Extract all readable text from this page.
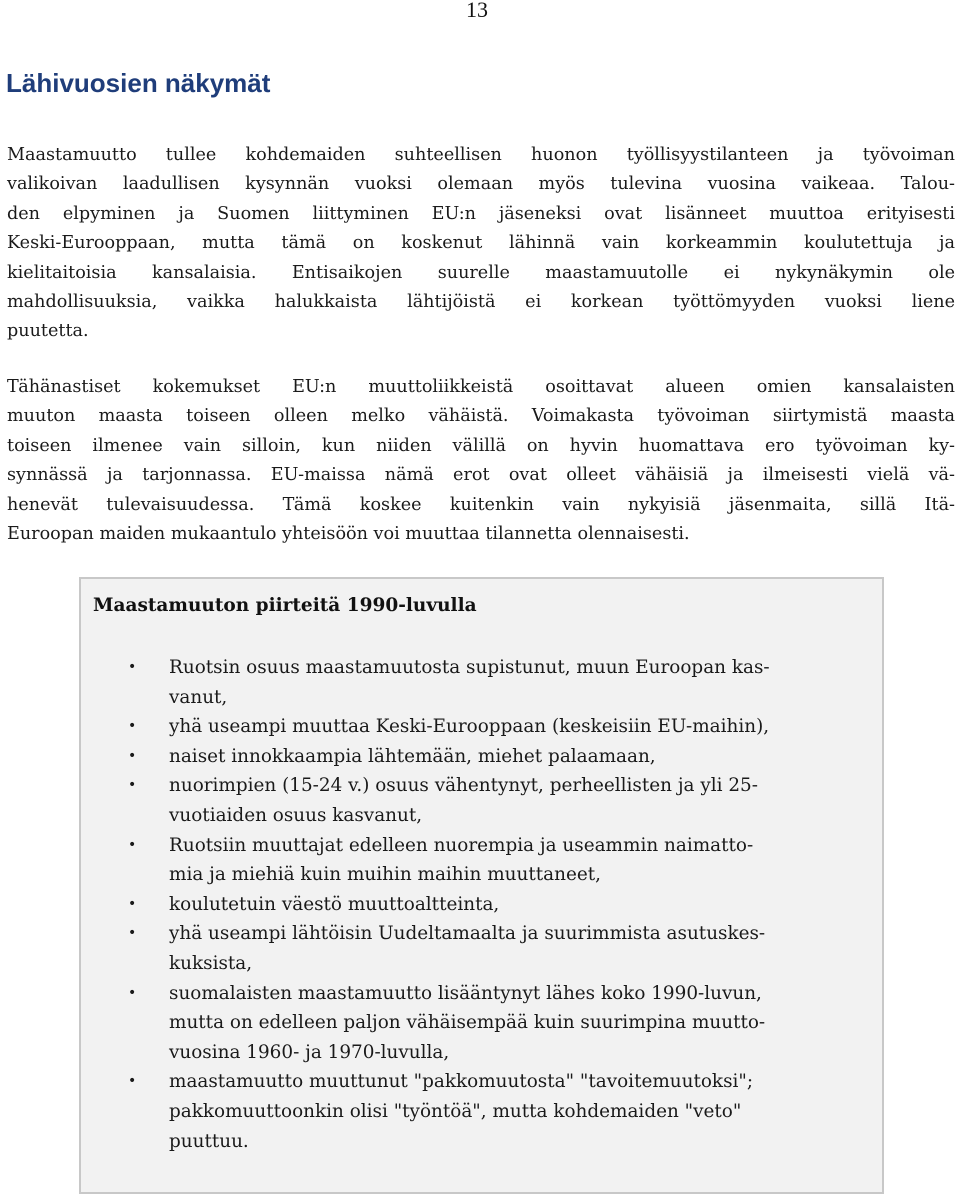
13
Lähivuosien näkymät

Maastamuutto tullee kohdemaiden suhteellisen huonon työllisyystilanteen ja työvoiman
valikoivan laadullisen kysynnän vuoksi olemaan myös tulevina vuosina vaikeaa. Talou-
den elpyminen ja Suomen liittyminen EU:n jäseneksi ovat lisänneet muuttoa erityisesti
Keski-Eurooppaan, mutta tämä on koskenut lähinnä vain korkeammin koulutettuja ja
kielitaitoisia kansalaisia. Entisaikojen suurelle maastamuutolle ei nykynäkymin ole
mahdollisuuksia, vaikka halukkaista lähtijöistä ei korkean työttömyyden vuoksi liene
puutetta.

Tähänastiset kokemukset EU:n muuttoliikkeistä osoittavat alueen omien kansalaisten
muuton maasta toiseen olleen melko vähäistä. Voimakasta työvoiman siirtymistä maasta
toiseen ilmenee vain silloin, kun niiden välillä on hyvin huomattava ero työvoiman ky-
synnässä ja tarjonnassa. EU-maissa nämä erot ovat olleet vähäisiä ja ilmeisesti vielä vä-
henevät tulevaisuudessa. Tämä koskee kuitenkin vain nykyisiä jäsenmaita, sillä Itä-
Euroopan maiden mukaantulo yhteisöön voi muuttaa tilannetta olennaisesti.

Maastamuuton piirteitä 1990-luvulla
• Ruotsin osuus maastamuutosta supistunut, muun Euroopan kas-
vanut,
• yhä useampi muuttaa Keski-Eurooppaan (keskeisiin EU-maihin),
• naiset innokkaampia lähtemään, miehet palaamaan,
• nuorimpien (15-24 v.) osuus vähentynyt, perheellisten ja yli 25-
vuotiaiden osuus kasvanut,
• Ruotsiin muuttajat edelleen nuorempia ja useammin naimatto-
mia ja miehiä kuin muihin maihin muuttaneet,
• koulutetuin väestö muuttoaltteinta,
• yhä useampi lähtöisin Uudeltamaalta ja suurimmista asutuskes-
kuksista,
• suomalaisten maastamuutto lisääntynyt lähes koko 1990-luvun,
mutta on edelleen paljon vähäisempää kuin suurimpina muutto-
vuosina 1960- ja 1970-luvulla,
• maastamuutto muuttunut "pakkomuutosta" "tavoitemuutoksi";
pakkomuuttoonkin olisi "työntöä", mutta kohdemaiden "veto"
puuttuu.
